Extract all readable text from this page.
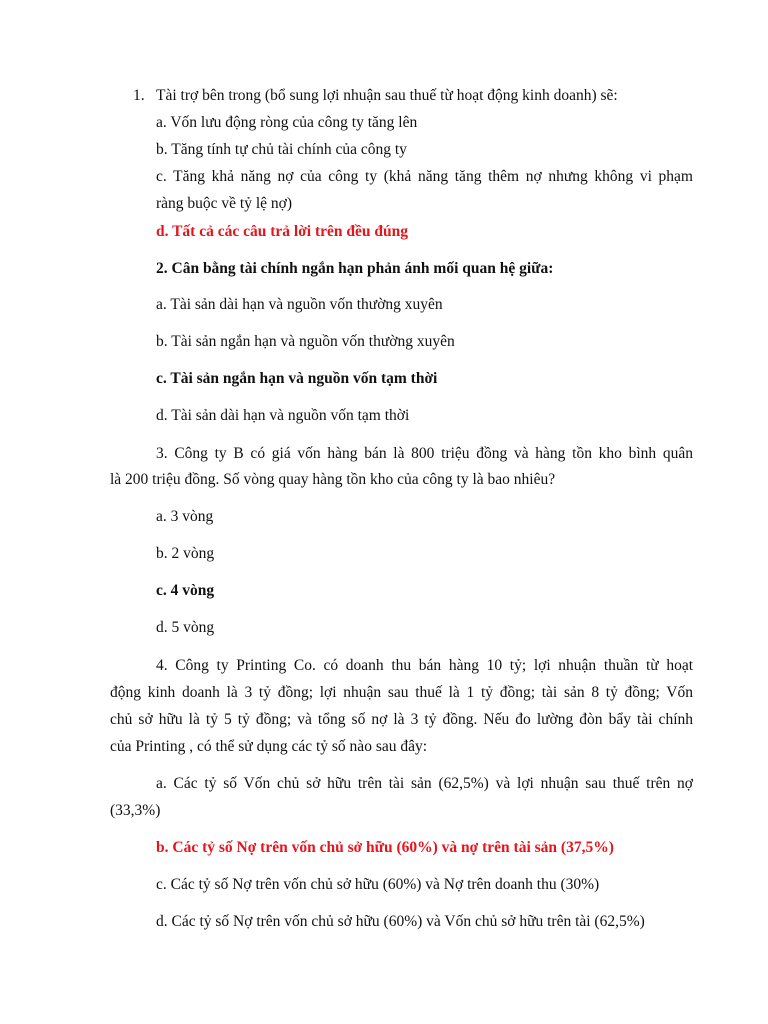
1. Tài trợ bên trong (bổ sung lợi nhuận sau thuế từ hoạt động kinh doanh) sẽ:
a. Vốn lưu động ròng của công ty tăng lên
b. Tăng tính tự chủ tài chính của công ty
c. Tăng khả năng nợ của công ty (khả năng tăng thêm nợ nhưng không vi phạm
ràng buộc về tỷ lệ nợ)
d. Tất cả các câu trả lời trên đều đúng
2. Cân bằng tài chính ngắn hạn phản ánh mối quan hệ giữa:
a. Tài sản dài hạn và nguồn vốn thường xuyên
b. Tài sản ngắn hạn và nguồn vốn thường xuyên
c. Tài sản ngắn hạn và nguồn vốn tạm thời
d. Tài sản dài hạn và nguồn vốn tạm thời
3. Công ty B có giá vốn hàng bán là 800 triệu đồng và hàng tồn kho bình quân
là 200 triệu đồng. Số vòng quay hàng tồn kho của công ty là bao nhiêu?
a. 3 vòng
b. 2 vòng
c. 4 vòng
d. 5 vòng
4. Công ty Printing Co. có doanh thu bán hàng 10 tỷ; lợi nhuận thuần từ hoạt
động kinh doanh là 3 tỷ đồng; lợi nhuận sau thuế là 1 tỷ đồng; tài sản 8 tỷ đồng; Vốn
chủ sở hữu là tỷ 5 tỷ đồng; và tổng số nợ là 3 tỷ đồng. Nếu đo lường đòn bẩy tài chính
của Printing , có thể sử dụng các tỷ số nào sau đây:
a. Các tỷ số Vốn chủ sở hữu trên tài sản (62,5%) và lợi nhuận sau thuế trên nợ
(33,3%)
b. Các tỷ số Nợ trên vốn chủ sở hữu (60%) và nợ trên tài sản (37,5%)
c. Các tỷ số Nợ trên vốn chủ sở hữu (60%) và Nợ trên doanh thu (30%)
d. Các tỷ số Nợ trên vốn chủ sở hữu (60%) và Vốn chủ sở hữu trên tài (62,5%)
